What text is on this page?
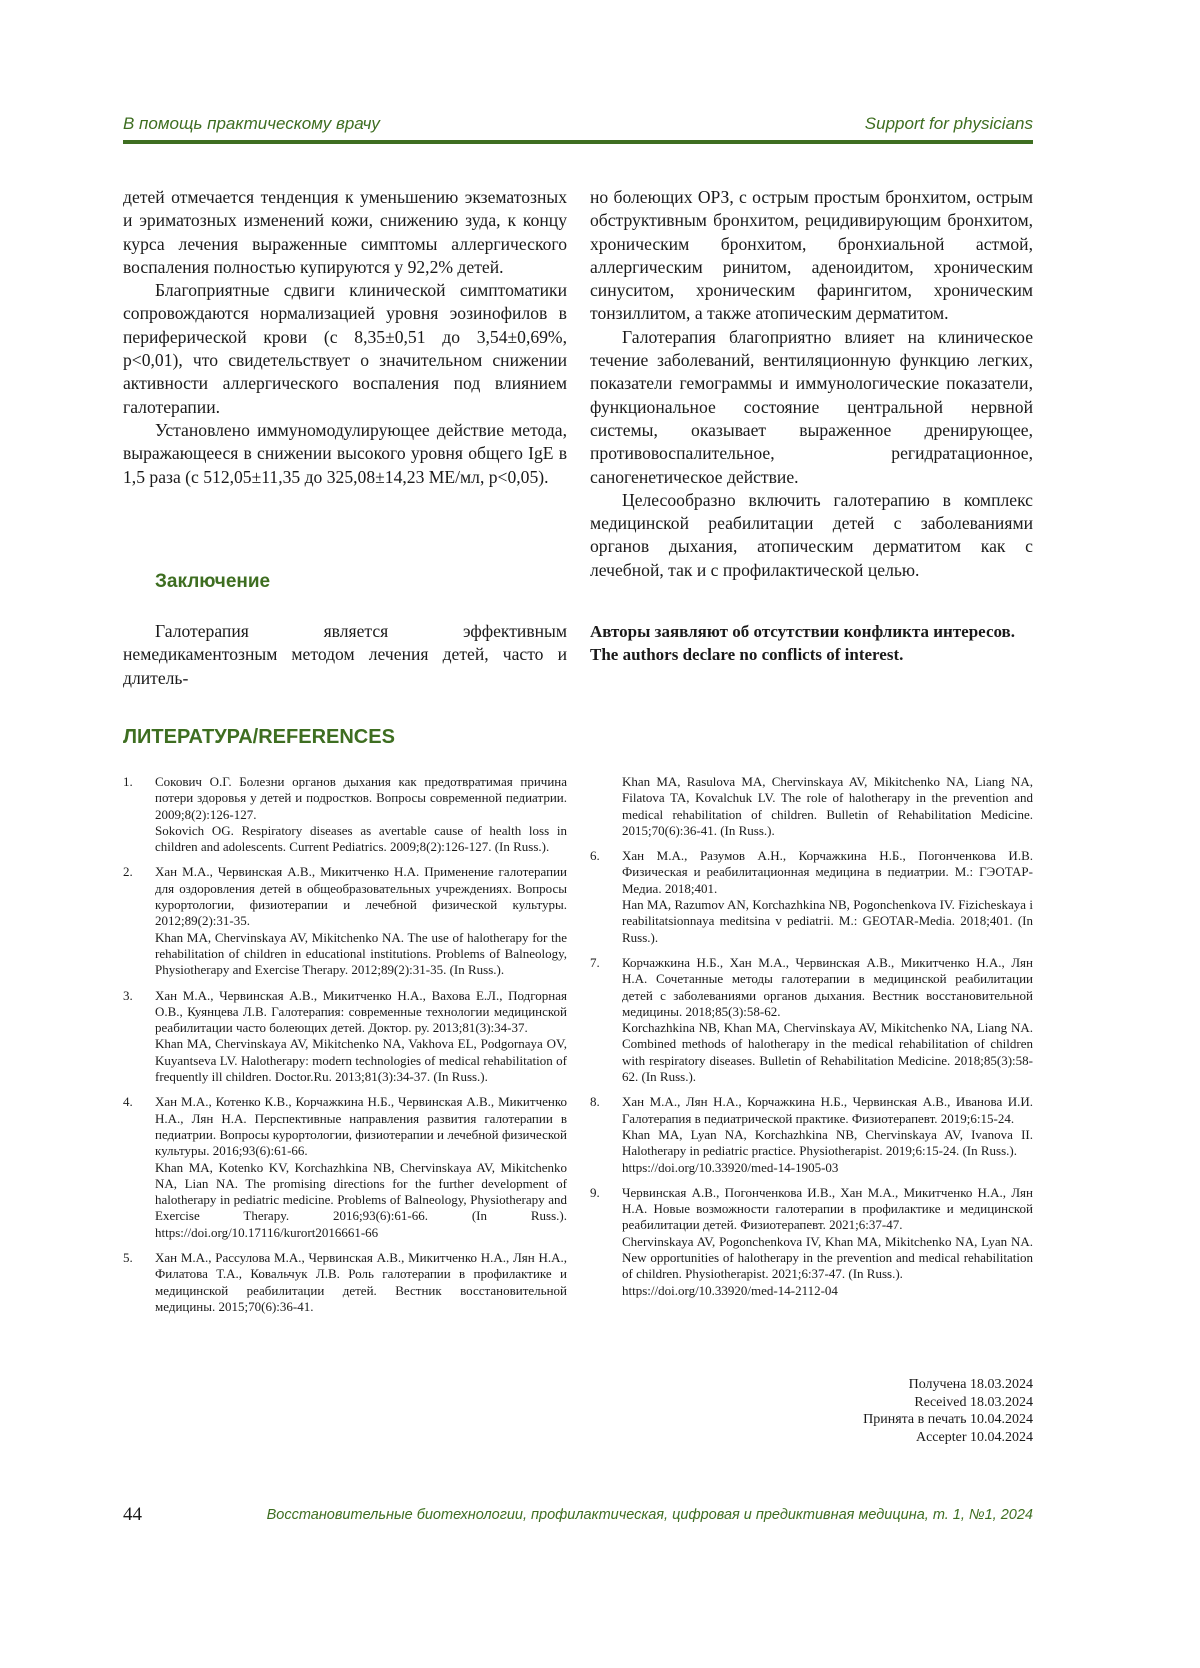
В помощь практическому врачу	Support for physicians

детей отмечается тенденция к уменьшению экзематозных и эриматозных изменений кожи, снижению зуда, к концу курса лечения выраженные симптомы аллергического воспаления полностью купируются у 92,2% детей.

Благоприятные сдвиги клинической симптоматики сопровождаются нормализацией уровня эозинофилов в периферической крови (с 8,35±0,51 до 3,54±0,69%, p<0,01), что свидетельствует о значительном снижении активности аллергического воспаления под влиянием галотерапии.

Установлено иммуномодулирующее действие метода, выражающееся в снижении высокого уровня общего IgE в 1,5 раза (с 512,05±11,35 до 325,08±14,23 МЕ/мл, p<0,05).

Заключение

Галотерапия является эффективным немедикаментозным методом лечения детей, часто и длитель-

но болеющих ОРЗ, с острым простым бронхитом, острым обструктивным бронхитом, рецидивирующим бронхитом, хроническим бронхитом, бронхиальной астмой, аллергическим ринитом, аденоидитом, хроническим синуситом, хроническим фарингитом, хроническим тонзиллитом, а также атопическим дерматитом.

Галотерапия благоприятно влияет на клиническое течение заболеваний, вентиляционную функцию легких, показатели гемограммы и иммунологические показатели, функциональное состояние центральной нервной системы, оказывает выраженное дренирующее, противовоспалительное, регидратационное, саногенетическое действие.

Целесообразно включить галотерапию в комплекс медицинской реабилитации детей с заболеваниями органов дыхания, атопическим дерматитом как с лечебной, так и с профилактической целью.

Авторы заявляют об отсутствии конфликта интересов.
The authors declare no conflicts of interest.
ЛИТЕРАТУРА/REFERENCES
1. Сокович О.Г. Болезни органов дыхания как предотвратимая причина потери здоровья у детей и подростков. Вопросы современной педиатрии. 2009;8(2):126-127.
Sokovich OG. Respiratory diseases as avertable cause of health loss in children and adolescents. Current Pediatrics. 2009;8(2):126-127. (In Russ.).
2. Хан М.А., Червинская А.В., Микитченко Н.А. Применение галотерапии для оздоровления детей в общеобразовательных учреждениях. Вопросы курортологии, физиотерапии и лечебной физической культуры. 2012;89(2):31-35.
Khan MA, Chervinskaya AV, Mikitchenko NA. The use of halotherapy for the rehabilitation of children in educational institutions. Problems of Balneology, Physiotherapy and Exercise Therapy. 2012;89(2):31-35. (In Russ.).
3. Хан М.А., Червинская А.В., Микитченко Н.А., Вахова Е.Л., Подгорная О.В., Куянцева Л.В. Галотерапия: современные технологии медицинской реабилитации часто болеющих детей. Доктор. ру. 2013;81(3):34-37.
Khan MA, Chervinskaya AV, Mikitchenko NA, Vakhova EL, Podgornaya OV, Kuyantseva LV. Halotherapy: modern technologies of medical rehabilitation of frequently ill children. Doctor.Ru. 2013;81(3):34-37. (In Russ.).
4. Хан М.А., Котенко К.В., Корчажкина Н.Б., Червинская А.В., Микитченко Н.А., Лян Н.А. Перспективные направления развития галотерапии в педиатрии. Вопросы курортологии, физиотерапии и лечебной физической культуры. 2016;93(6):61-66.
Khan MA, Kotenko KV, Korchazhkina NB, Chervinskaya AV, Mikitchenko NA, Lian NA. The promising directions for the further development of halotherapy in pediatric medicine. Problems of Balneology, Physiotherapy and Exercise Therapy. 2016;93(6):61-66. (In Russ.). https://doi.org/10.17116/kurort2016661-66
5. Хан М.А., Рассулова М.А., Червинская А.В., Микитченко Н.А., Лян Н.А., Филатова Т.А., Ковальчук Л.В. Роль галотерапии в профилактике и медицинской реабилитации детей. Вестник восстановительной медицины. 2015;70(6):36-41.
Khan MA, Rasulova MA, Chervinskaya AV, Mikitchenko NA, Liang NA, Filatova TA, Kovalchuk LV. The role of halotherapy in the prevention and medical rehabilitation of children. Bulletin of Rehabilitation Medicine. 2015;70(6):36-41. (In Russ.).
6. Хан М.А., Разумов А.Н., Корчажкина Н.Б., Погонченкова И.В. Физическая и реабилитационная медицина в педиатрии. М.: ГЭОТАР-Медиа. 2018;401.
Han MA, Razumov AN, Korchazhkina NB, Pogonchenkova IV. Fizicheskaya i reabilitatsionnaya meditsina v pediatrii. M.: GEOTAR-Media. 2018;401. (In Russ.).
7. Корчажкина Н.Б., Хан М.А., Червинская А.В., Микитченко Н.А., Лян Н.А. Сочетанные методы галотерапии в медицинской реабилитации детей с заболеваниями органов дыхания. Вестник восстановительной медицины. 2018;85(3):58-62.
Korchazhkina NB, Khan MA, Chervinskaya AV, Mikitchenko NA, Liang NA. Combined methods of halotherapy in the medical rehabilitation of children with respiratory diseases. Bulletin of Rehabilitation Medicine. 2018;85(3):58-62. (In Russ.).
8. Хан М.А., Лян Н.А., Корчажкина Н.Б., Червинская А.В., Иванова И.И. Галотерапия в педиатрической практике. Физиотерапевт. 2019;6:15-24.
Khan MA, Lyan NA, Korchazhkina NB, Chervinskaya AV, Ivanova II. Halotherapy in pediatric practice. Physiotherapist. 2019;6:15-24. (In Russ.).
https://doi.org/10.33920/med-14-1905-03
9. Червинская А.В., Погонченкова И.В., Хан М.А., Микитченко Н.А., Лян Н.А. Новые возможности галотерапии в профилактике и медицинской реабилитации детей. Физиотерапевт. 2021;6:37-47.
Chervinskaya AV, Pogonchenkova IV, Khan MA, Mikitchenko NA, Lyan NA. New opportunities of halotherapy in the prevention and medical rehabilitation of children. Physiotherapist. 2021;6:37-47. (In Russ.).
https://doi.org/10.33920/med-14-2112-04
Получена 18.03.2024
Received 18.03.2024
Принята в печать 10.04.2024
Accepter 10.04.2024
44	Восстановительные биотехнологии, профилактическая, цифровая и предиктивная медицина, т. 1, №1, 2024
